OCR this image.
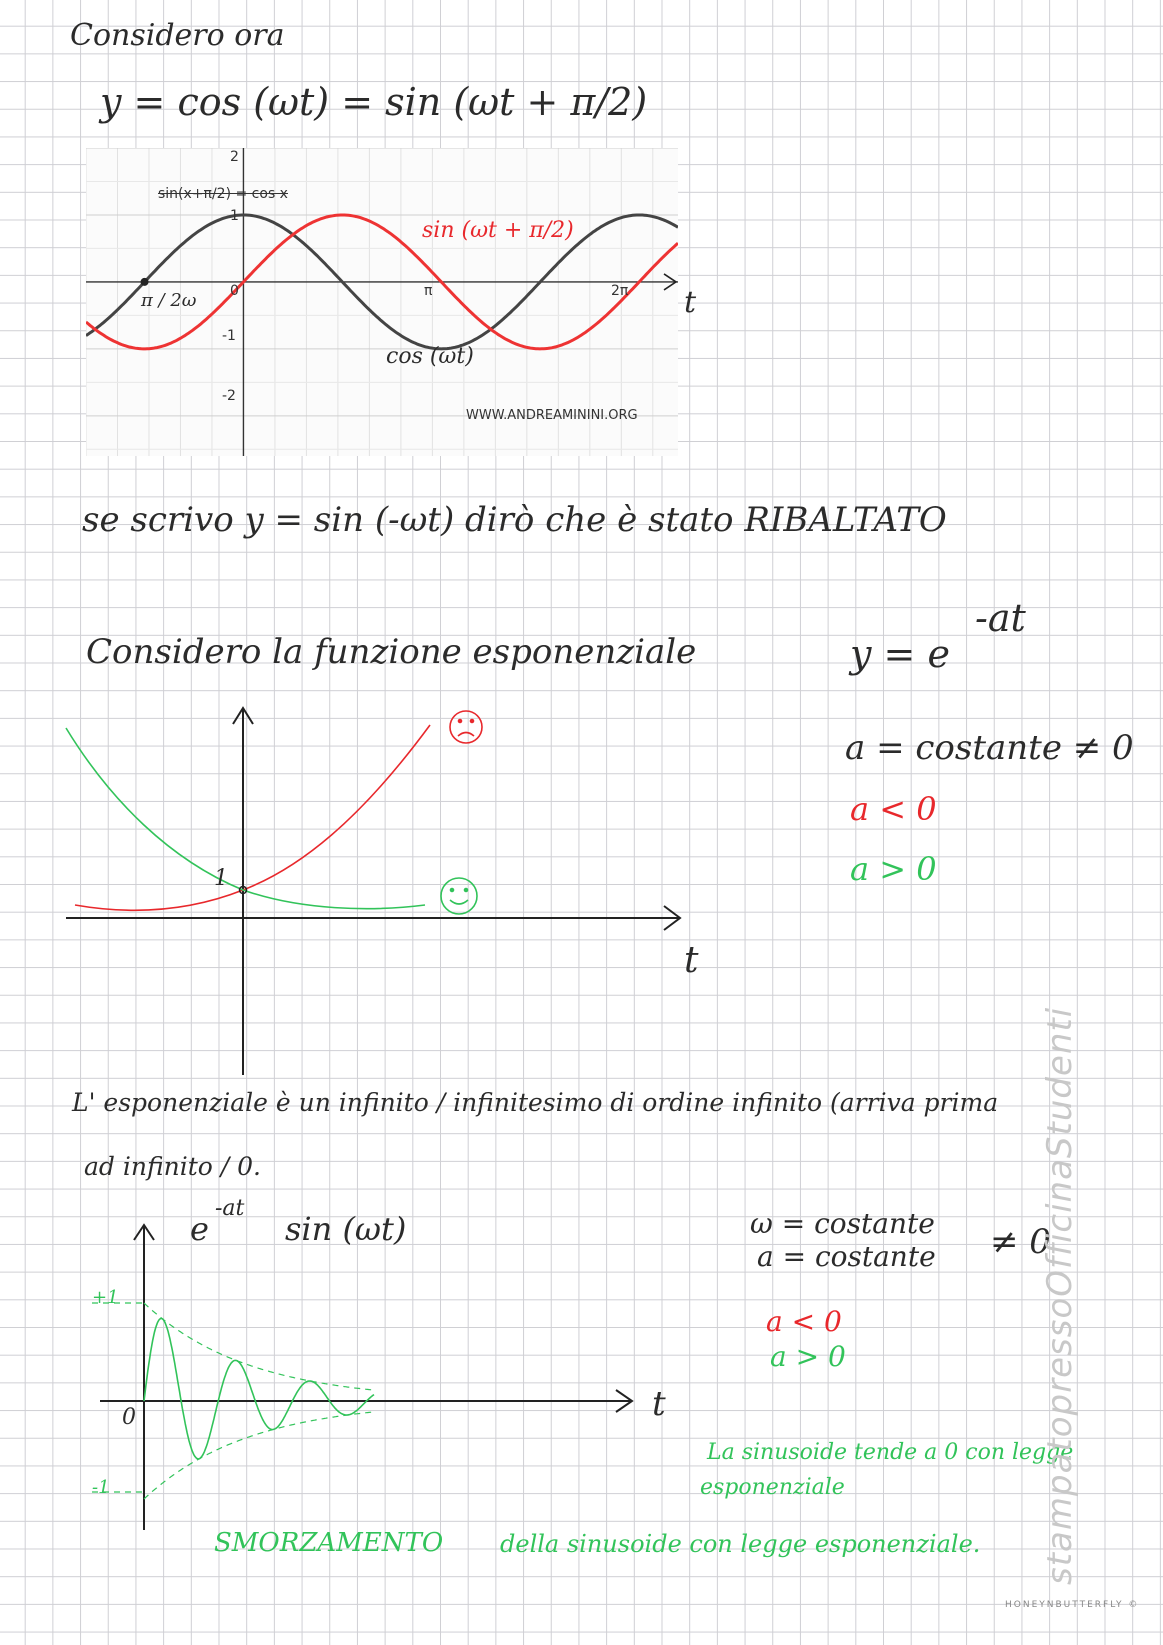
Considero ora
y = cos (ωt) = sin (ωt + π/2)
2
1
0
-1
-2
π	2π
sin(x+π/2) = cos x
sin (ωt + π/2)
cos (ωt)
π / 2ω
WWW.ANDREAMININI.ORG
t
se scrivo y = sin (-ωt) dirò che è stato RIBALTATO
Considero la funzione esponenziale	y = e
-at
1
t
a = costante ≠ 0
a < 0
a > 0
L' esponenziale è un infinito / infinitesimo di ordine infinito (arriva prima
ad infinito / 0.
e
-at
sin (ωt)
+1
-1
0	t
ω = costante
a = costante ≠ 0
a < 0
a > 0
La sinusoide tende a 0 con legge
esponenziale
SMORZAMENTO della sinusoide con legge esponenziale. stampatopressoOfficinaStudenti
HONEYNBUTTERFLY ©
